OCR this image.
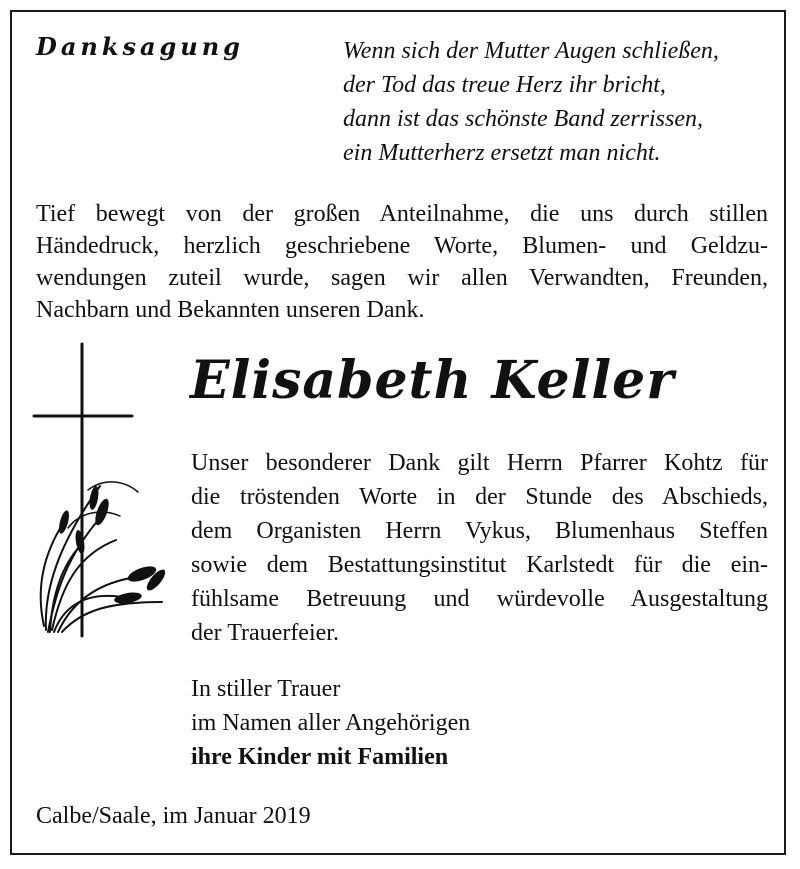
Danksagung	Wenn sich der Mutter Augen schließen,
der Tod das treue Herz ihr bricht,
dann ist das schönste Band zerrissen,
ein Mutterherz ersetzt man nicht.
Tief bewegt von der großen Anteilnahme, die uns durch stillen
Händedruck, herzlich geschriebene Worte, Blumen- und Geldzu-
wendungen zuteil wurde, sagen wir allen Verwandten, Freunden,
Nachbarn und Bekannten unseren Dank.
Elisabeth Keller
Unser besonderer Dank gilt Herrn Pfarrer Kohtz für
die tröstenden Worte in der Stunde des Abschieds,
dem Organisten Herrn Vykus, Blumenhaus Steffen
sowie dem Bestattungsinstitut Karlstedt für die ein-
fühlsame Betreuung und würdevolle Ausgestaltung
der Trauerfeier.
In stiller Trauer
im Namen aller Angehörigen
ihre Kinder mit Familien
Calbe/Saale, im Januar 2019
